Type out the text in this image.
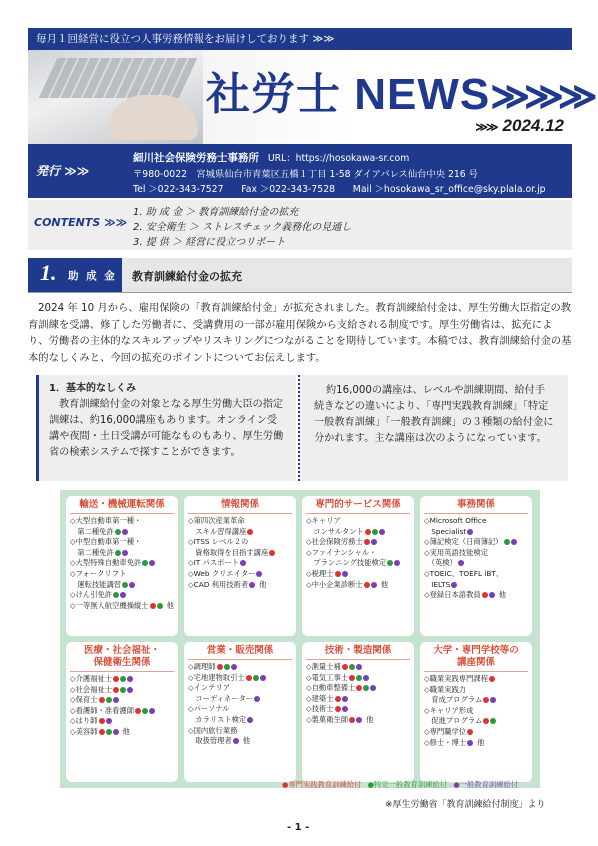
毎月１回経営に役立つ人事労務情報をお届けしております ≫≫
社労士 NEWS≫≫≫
≫≫ 2024.12
発行 ≫≫
細川社会保険労務士事務所 URL：https://hosokawa-sr.com
〒980-0022　宮城県仙台市青葉区五橋１丁目 1-58 ダイアパレス仙台中央 216 号
Tel ＞022-343-7527 Fax ＞022-343-7528 Mail ＞hosokawa_sr_office@sky.plala.or.jp
CONTENTS ≫≫
1. 助 成 金 ＞ 教育訓練給付金の拡充
2. 安全衛生 ＞ ストレスチェック義務化の見通し
3. 提 供 ＞ 経営に役立つリポート
1. 助 成 金 教育訓練給付金の拡充
2024 年 10 月から、雇用保険の「教育訓練給付金」が拡充されました。教育訓練給付金は、厚生労働大臣指定の教育訓練を受講、修了した労働者に、受講費用の一部が雇用保険から支給される制度です。厚生労働省は、拡充により、労働者の主体的なスキルアップやリスキリングにつながることを期待しています。本稿では、教育訓練給付金の基本的なしくみと、今回の拡充のポイントについてお伝えします。
1．基本的なしくみ
教育訓練給付金の対象となる厚生労働大臣の指定訓練は、約16,000講座もあります。オンライン受講や夜間・土日受講が可能なものもあり、厚生労働省の検索システムで探すことができます。
約16,000の講座は、レベルや訓練期間、給付手続きなどの違いにより、「専門実践教育訓練」「特定一般教育訓練」「一般教育訓練」の３種類の給付金に分かれます。主な講座は次のようになっています。
輸送・機械運転関係
◇大型自動車第一種・
　第二種免許
◇中型自動車第一種・
　第二種免許
◇大型特殊自動車免許
◇フォークリフト
　運転技能講習
◇けん引免許
◇一等無人航空機操縦士 他
情報関係
◇第四次産業革命
　スキル習得講座
◇ITSS レベル２の
　資格取得を目指す講座
◇IT パスポート
◇Web クリエイター
◇CAD 利用技術者 他
専門的サービス関係
◇キャリア
　コンサルタント
◇社会保険労務士
◇ファイナンシャル・
　プランニング技能検定
◇税理士
◇中小企業診断士 他
事務関係
◇Microsoft Office
　Specialist
◇簿記検定（日商簿記）
◇実用英語技能検定
　（英検）
◇TOEIC、TOEFL iBT、
　IELTS
◇登録日本語教員 他
医療・社会福祉・
保健衛生関係
◇介護福祉士
◇社会福祉士
◇保育士
◇看護師・准看護師
◇はり師
◇美容師	他
営業・販売関係
◇調理師
◇宅地建物取引士
◇インテリア
　コーディネーター
◇パーソナル
　カラリスト検定
◇国内旅行業務
　取扱管理者 他
技術・製造関係
◇測量士補
◇電気工事士
◇自動車整備士
◇建築士
◇技術士
◇製菓衛生師 他
大学・専門学校等の
講座関係
◇職業実践専門課程
◇職業実践力
　育成プログラム
◇キャリア形成
　促進プログラム
◇専門職学位
◇修士・博士 他
●専門実践教育訓練給付 ●特定一般教育訓練給付 ●一般教育訓練給付
※厚生労働省「教育訓練給付制度」より
- 1 -
